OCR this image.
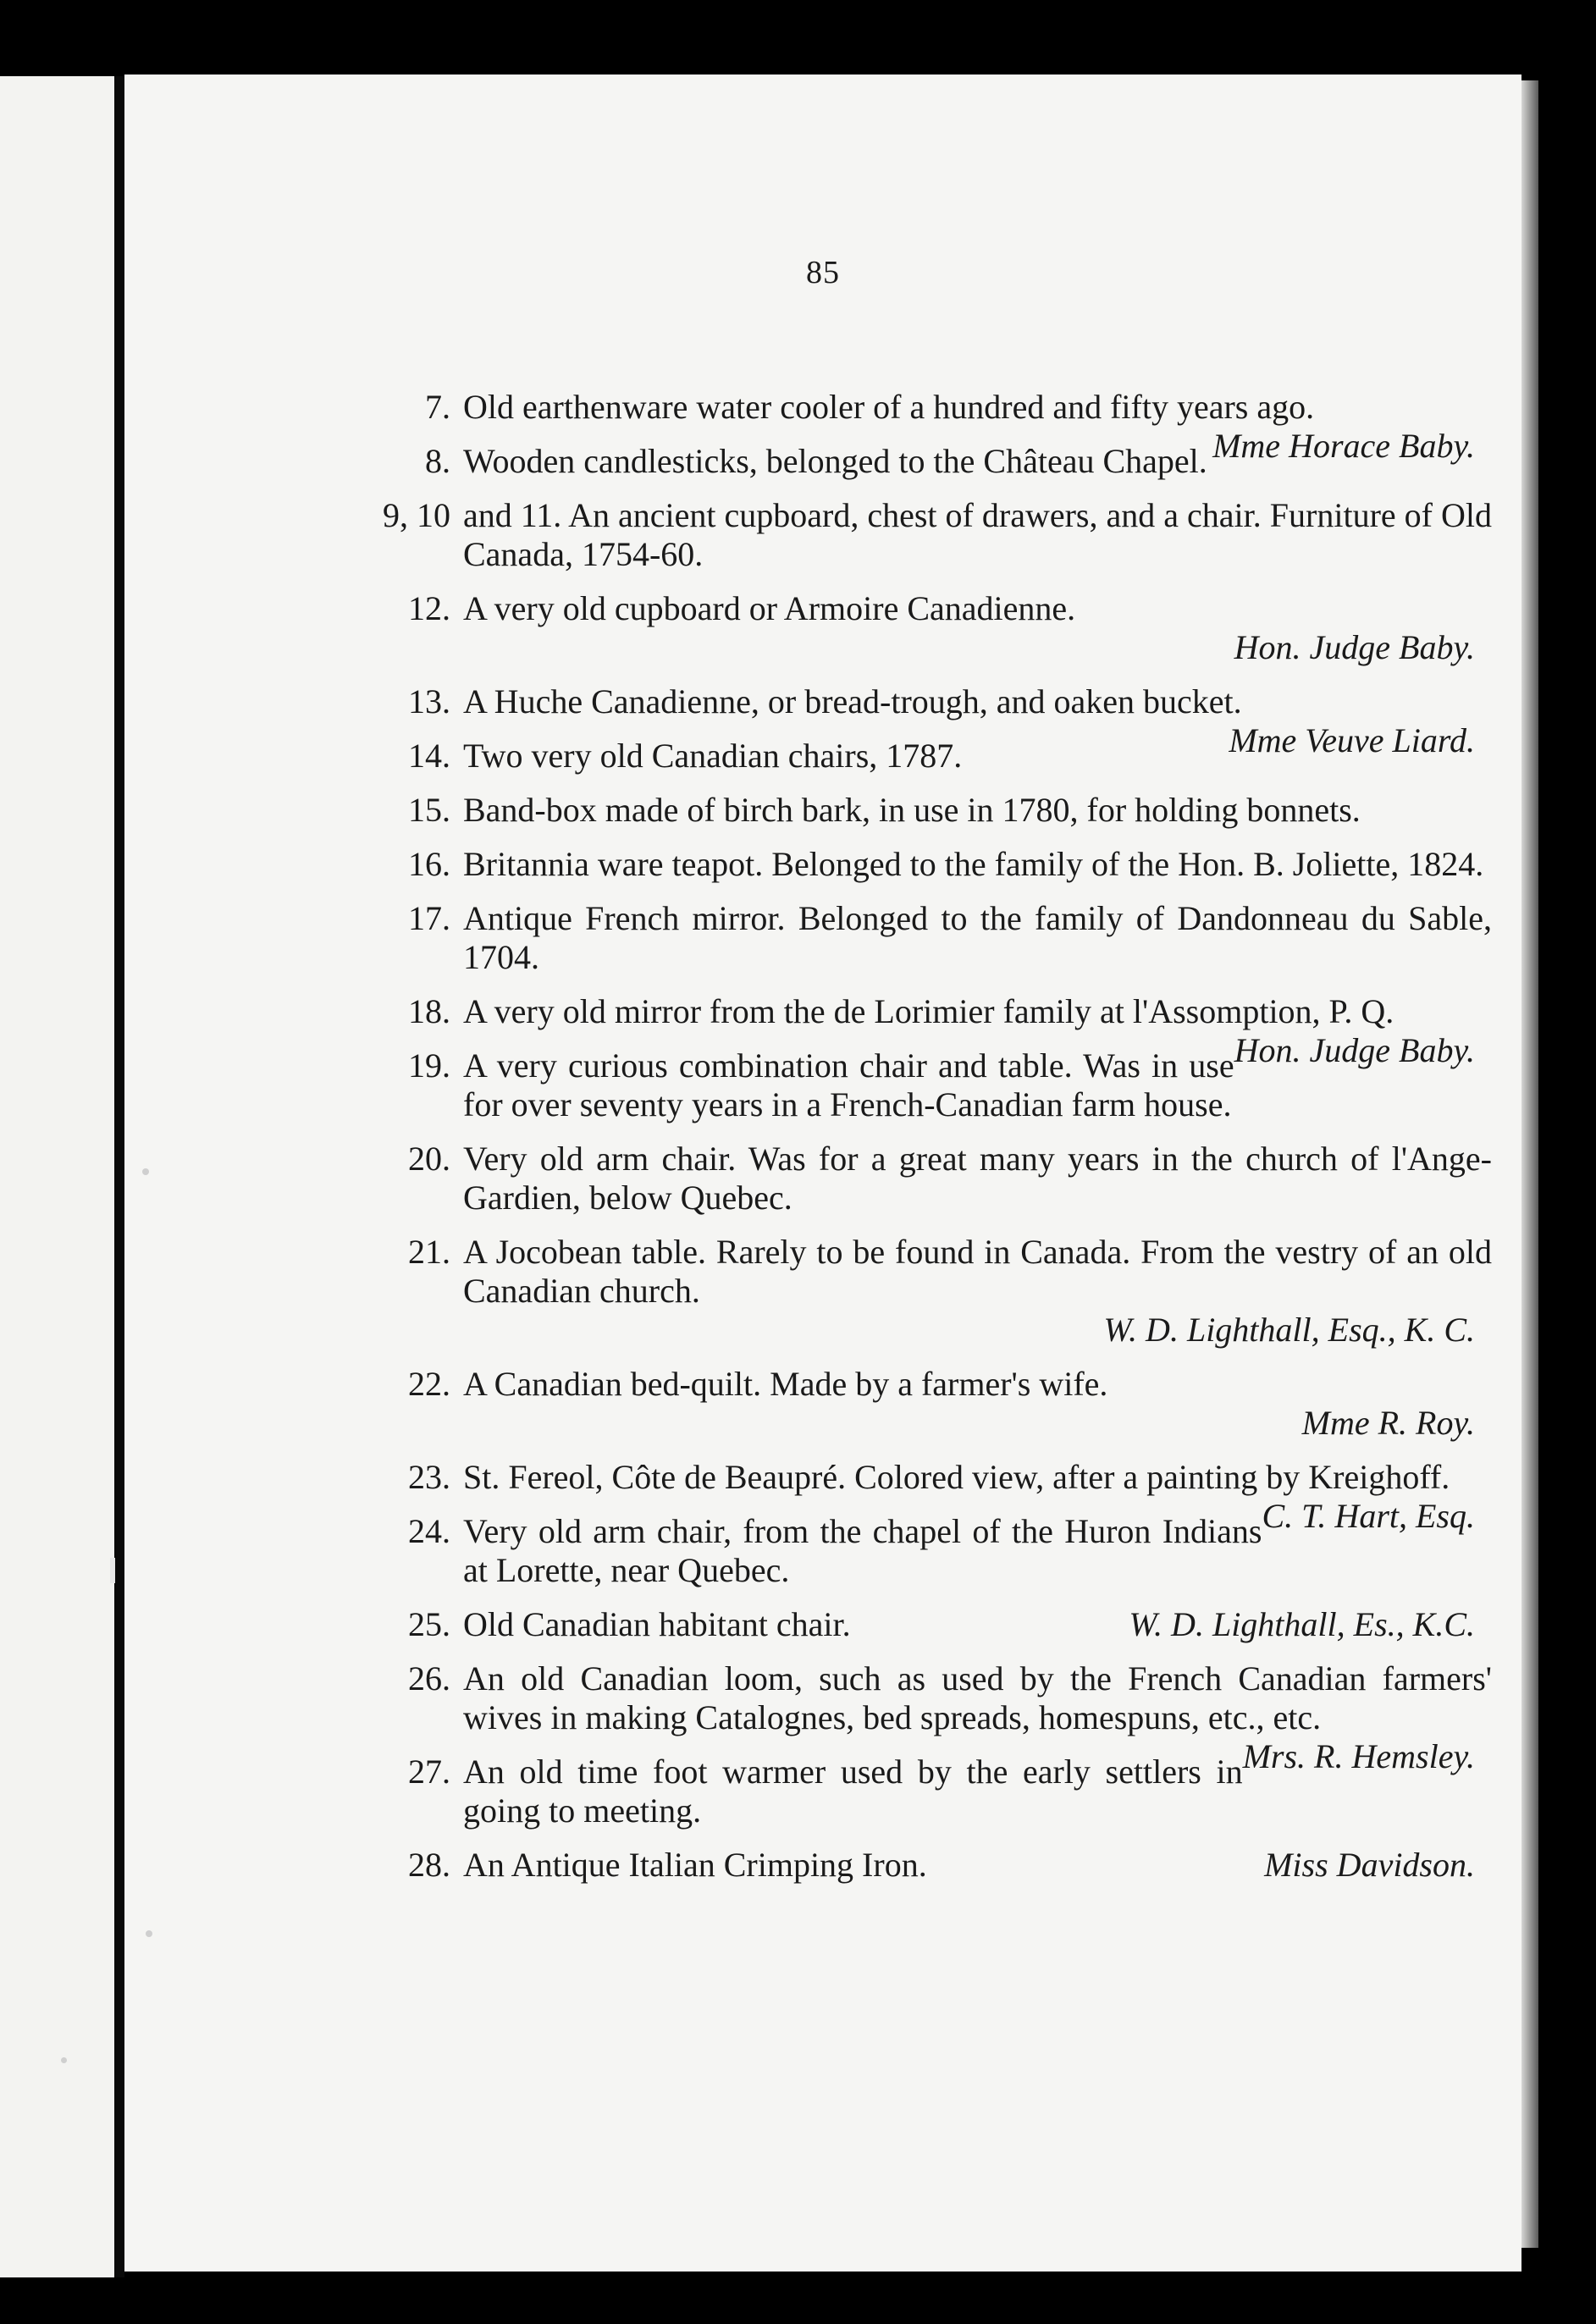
85
7. Old earthenware water cooler of a hundred and fifty years ago.
Mme Horace Baby.
8. Wooden candlesticks, belonged to the Château Chapel.
9, 10 and 11. An ancient cupboard, chest of drawers, and a chair. Furniture of Old Canada, 1754-60.
12. A very old cupboard or Armoire Canadienne.
Hon. Judge Baby.
13. A Huche Canadienne, or bread-trough, and oaken bucket.
Mme Veuve Liard.
14. Two very old Canadian chairs, 1787.
15. Band-box made of birch bark, in use in 1780, for holding bonnets.
16. Britannia ware teapot. Belonged to the family of the Hon. B. Joliette, 1824.
17. Antique French mirror. Belonged to the family of Dandonneau du Sable, 1704.
18. A very old mirror from the de Lorimier family at l'Assomption, P. Q.
Hon. Judge Baby.
19. A very curious combination chair and table. Was in use for over seventy years in a French-Canadian farm house.
20. Very old arm chair. Was for a great many years in the church of l'Ange-Gardien, below Quebec.
21. A Jocobean table. Rarely to be found in Canada. From the vestry of an old Canadian church.
W. D. Lighthall, Esq., K. C.
22. A Canadian bed-quilt. Made by a farmer's wife.
Mme R. Roy.
23. St. Fereol, Côte de Beaupré. Colored view, after a painting by Kreighoff.
C. T. Hart, Esq.
24. Very old arm chair, from the chapel of the Huron Indians at Lorette, near Quebec.
25. Old Canadian habitant chair.	W. D. Lighthall, Es., K.C.
26. An old Canadian loom, such as used by the French Canadian farmers' wives in making Catalognes, bed spreads, homespuns, etc., etc.
Mrs. R. Hemsley.
27. An old time foot warmer used by the early settlers in going to meeting.
28. An Antique Italian Crimping Iron.	Miss Davidson.
